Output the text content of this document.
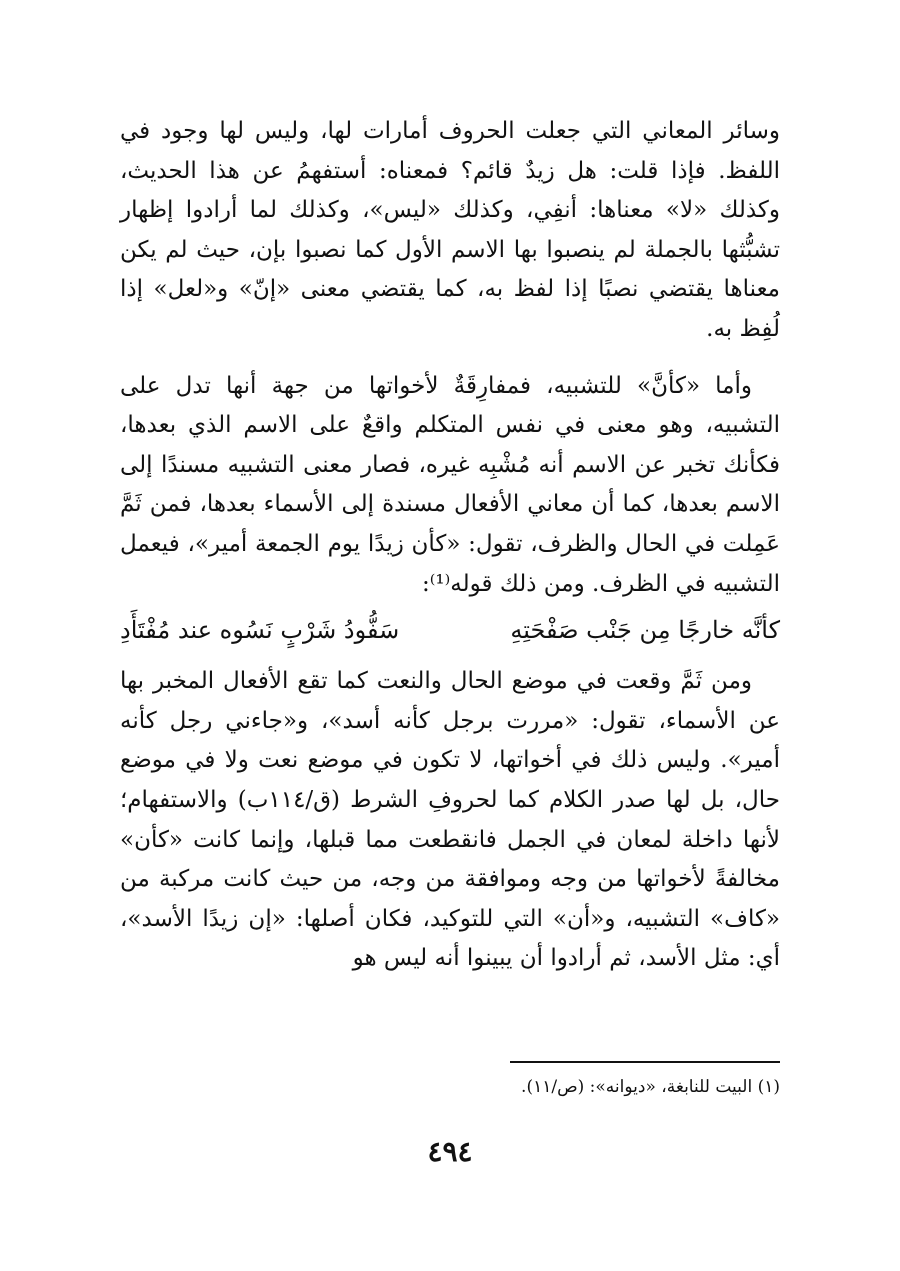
وسائر المعاني التي جعلت الحروف أمارات لها، وليس لها وجود في اللفظ. فإذا قلت: هل زيدٌ قائم؟ فمعناه: أستفهمُ عن هذا الحديث، وكذلك «لا» معناها: أنفِي، وكذلك «ليس»، وكذلك لما أرادوا إظهار تشبُّثها بالجملة لم ينصبوا بها الاسم الأول كما نصبوا بإن، حيث لم يكن معناها يقتضي نصبًا إذا لفظ به، كما يقتضي معنى «إنّ» و«لعل» إذا لُفِظ به.

وأما «كأنَّ» للتشبيه، فمفارِقَةٌ لأخواتها من جهة أنها تدل على التشبيه، وهو معنى في نفس المتكلم واقعٌ على الاسم الذي بعدها، فكأنك تخبر عن الاسم أنه مُشْبِه غيره، فصار معنى التشبيه مسندًا إلى الاسم بعدها، كما أن معاني الأفعال مسندة إلى الأسماء بعدها، فمن ثَمَّ عَمِلت في الحال والظرف، تقول: «كأن زيدًا يوم الجمعة أمير»، فيعمل التشبيه في الظرف. ومن ذلك قوله⁽¹⁾:

كأنَّه خارجًا مِن جَنْب صَفْحَتِهِ
سَفُّودُ شَرْبٍ نَسُوه عند مُفْتَأَدِ

ومن ثَمَّ وقعت في موضع الحال والنعت كما تقع الأفعال المخبر بها عن الأسماء، تقول: «مررت برجل كأنه أسد»، و«جاءني رجل كأنه أمير». وليس ذلك في أخواتها، لا تكون في موضع نعت ولا في موضع حال، بل لها صدر الكلام كما لحروفِ الشرط (ق/١١٤ب) والاستفهام؛ لأنها داخلة لمعان في الجمل فانقطعت مما قبلها، وإنما كانت «كأن» مخالفةً لأخواتها من وجه وموافقة من وجه، من حيث كانت مركبة من «كاف» التشبيه، و«أن» التي للتوكيد، فكان أصلها: «إن زيدًا الأسد»، أي: مثل الأسد، ثم أرادوا أن يبينوا أنه ليس هو

(١) البيت للنابغة، «ديوانه»: (ص/١١).

٤٩٤
